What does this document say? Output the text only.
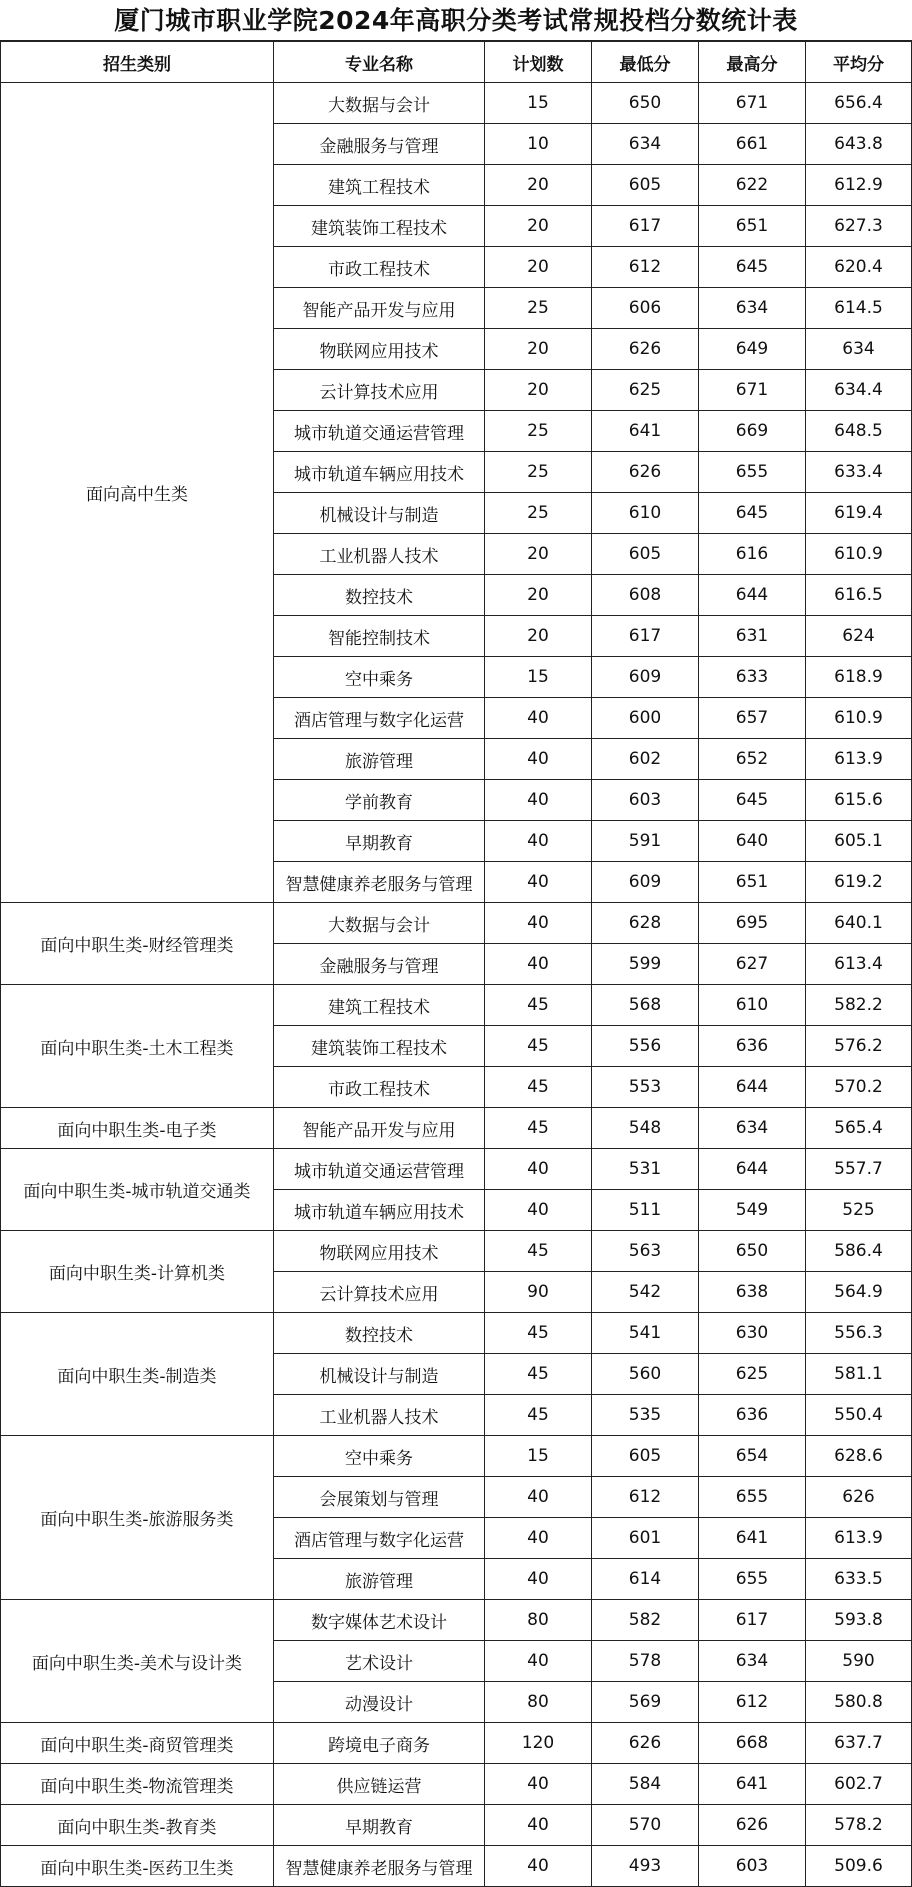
厦门城市职业学院2024年高职分类考试常规投档分数统计表
招生类别	专业名称	计划数	最低分	最高分	平均分
面向高中生类	大数据与会计	15	650	671	656.4
	金融服务与管理	10	634	661	643.8
	建筑工程技术	20	605	622	612.9
	建筑装饰工程技术	20	617	651	627.3
	市政工程技术	20	612	645	620.4
	智能产品开发与应用	25	606	634	614.5
	物联网应用技术	20	626	649	634
	云计算技术应用	20	625	671	634.4
	城市轨道交通运营管理	25	641	669	648.5
	城市轨道车辆应用技术	25	626	655	633.4
	机械设计与制造	25	610	645	619.4
	工业机器人技术	20	605	616	610.9
	数控技术	20	608	644	616.5
	智能控制技术	20	617	631	624
	空中乘务	15	609	633	618.9
	酒店管理与数字化运营	40	600	657	610.9
	旅游管理	40	602	652	613.9
	学前教育	40	603	645	615.6
	早期教育	40	591	640	605.1
	智慧健康养老服务与管理	40	609	651	619.2
面向中职生类-财经管理类	大数据与会计	40	628	695	640.1
	金融服务与管理	40	599	627	613.4
面向中职生类-土木工程类	建筑工程技术	45	568	610	582.2
	建筑装饰工程技术	45	556	636	576.2
	市政工程技术	45	553	644	570.2
面向中职生类-电子类	智能产品开发与应用	45	548	634	565.4
面向中职生类-城市轨道交通类	城市轨道交通运营管理	40	531	644	557.7
	城市轨道车辆应用技术	40	511	549	525
面向中职生类-计算机类	物联网应用技术	45	563	650	586.4
	云计算技术应用	90	542	638	564.9
面向中职生类-制造类	数控技术	45	541	630	556.3
	机械设计与制造	45	560	625	581.1
	工业机器人技术	45	535	636	550.4
面向中职生类-旅游服务类	空中乘务	15	605	654	628.6
	会展策划与管理	40	612	655	626
	酒店管理与数字化运营	40	601	641	613.9
	旅游管理	40	614	655	633.5
面向中职生类-美术与设计类	数字媒体艺术设计	80	582	617	593.8
	艺术设计	40	578	634	590
	动漫设计	80	569	612	580.8
面向中职生类-商贸管理类	跨境电子商务	120	626	668	637.7
面向中职生类-物流管理类	供应链运营	40	584	641	602.7
面向中职生类-教育类	早期教育	40	570	626	578.2
面向中职生类-医药卫生类	智慧健康养老服务与管理	40	493	603	509.6
